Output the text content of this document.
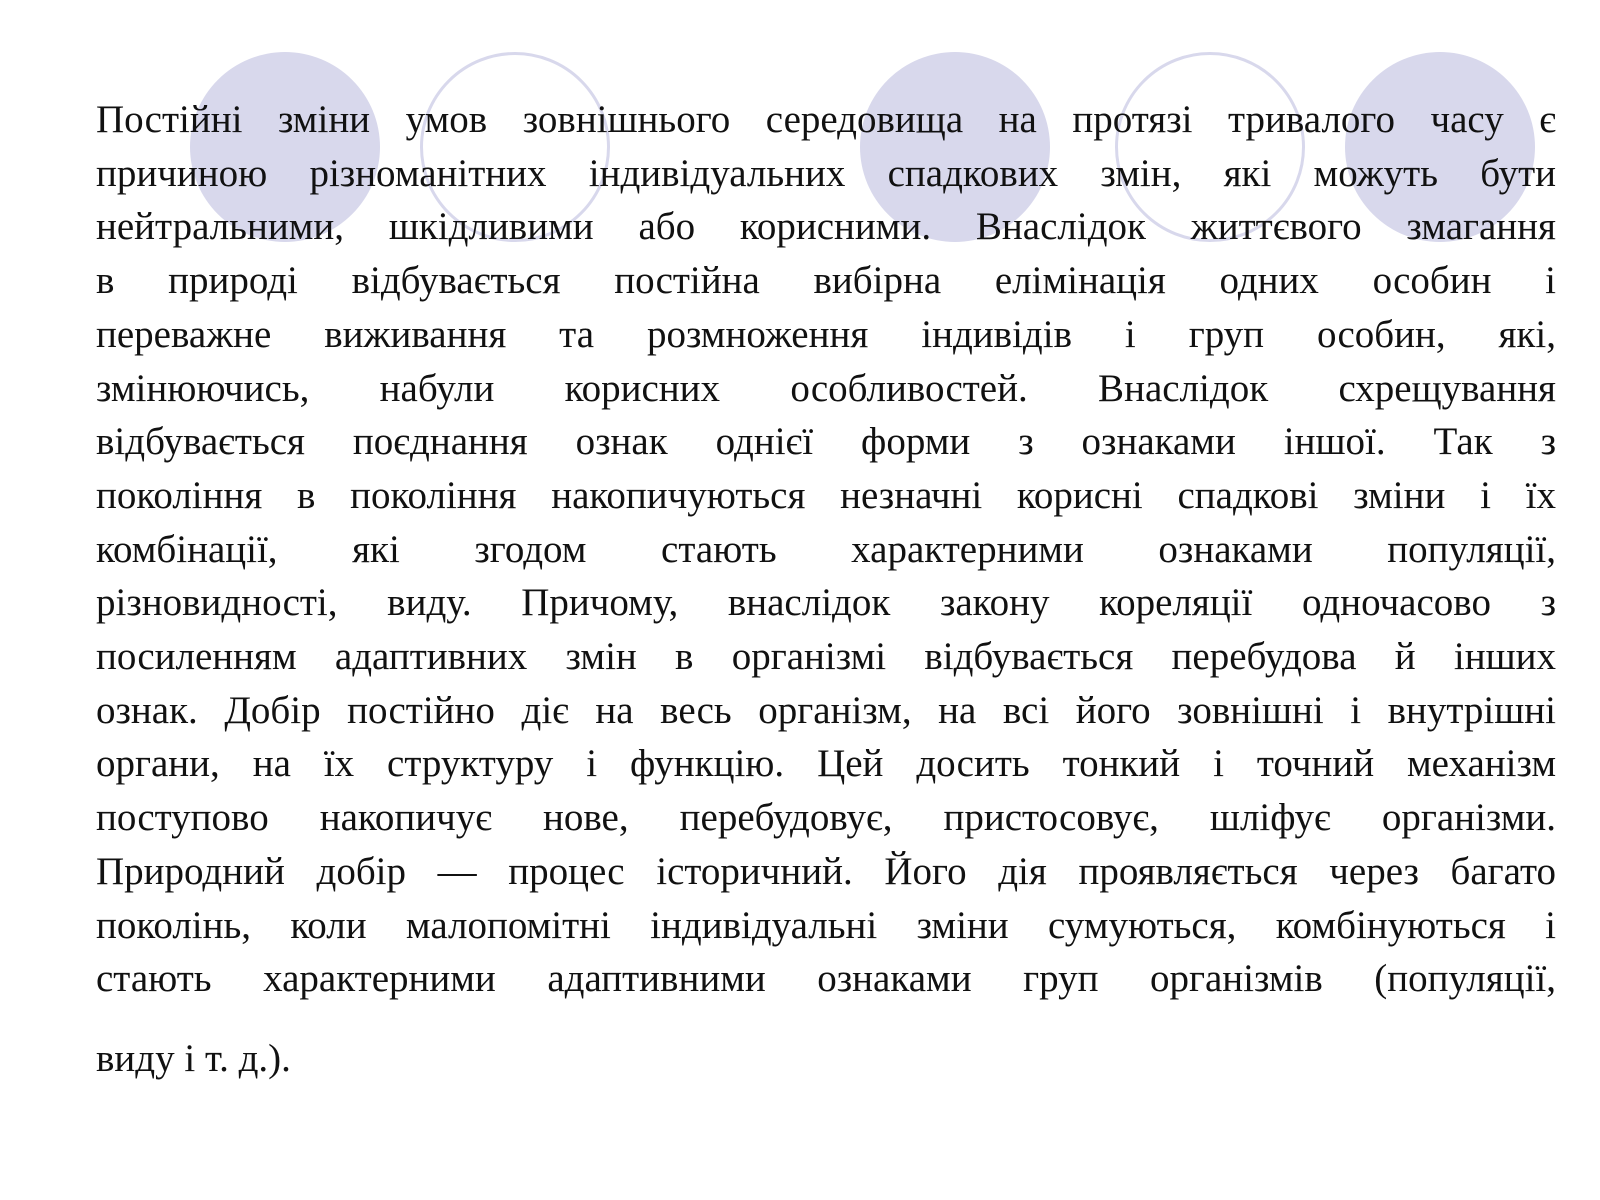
Постійні зміни умов зовнішнього середовища на протязі тривалого часу є
причиною різноманітних індивідуальних спадкових змін, які можуть бути
нейтральними, шкідливими або корисними. Внаслідок життєвого змагання
в природі відбувається постійна вибірна елімінація одних особин і
переважне виживання та розмноження індивідів і груп особин, які,
змінюючись, набули корисних особливостей. Внаслідок схрещування
відбувається поєднання ознак однієї форми з ознаками іншої. Так з
покоління в покоління накопичуються незначні корисні спадкові зміни і їх
комбінації, які згодом стають характерними ознаками популяції,
різновидності, виду. Причому, внаслідок закону кореляції одночасово з
посиленням адаптивних змін в організмі відбувається перебудова й інших
ознак. Добір постійно діє на весь організм, на всі його зовнішні і внутрішні
органи, на їх структуру і функцію. Цей досить тонкий і точний механізм
поступово накопичує нове, перебудовує, пристосовує, шліфує організми.
Природний добір — процес історичний. Його дія проявляється через багато
поколінь, коли малопомітні індивідуальні зміни сумуються, комбінуються і
стають характерними адаптивними ознаками груп організмів (популяції,
виду і т. д.).
